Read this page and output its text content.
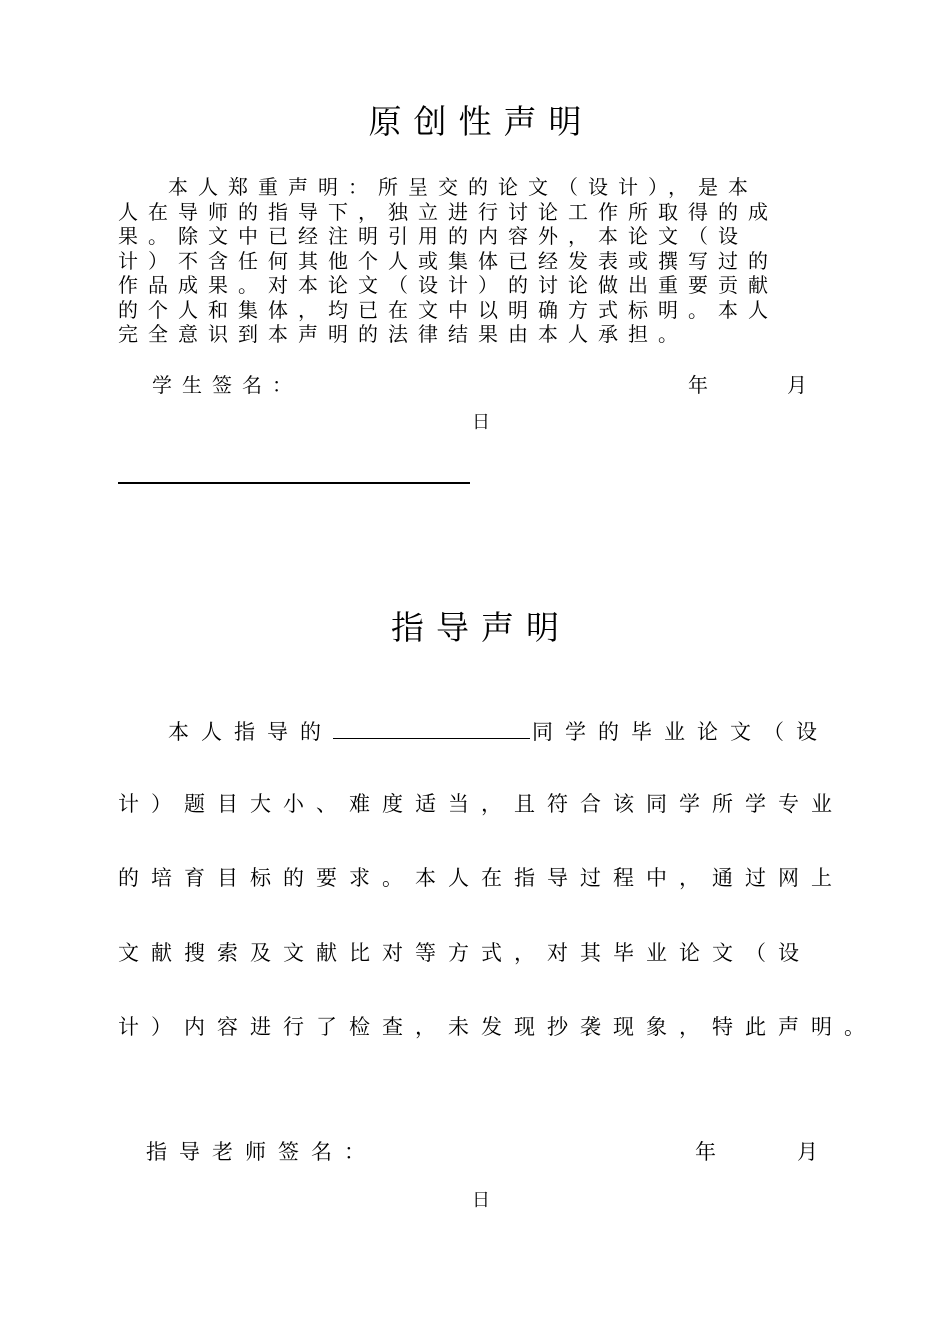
原创性声明
本人郑重声明：所呈交的论文（设计），是本
人在导师的指导下，独立进行讨论工作所取得的成
果。除文中已经注明引用的内容外，本论文（设
计）不含任何其他个人或集体已经发表或撰写过的
作品成果。对本论文（设计）的讨论做出重要贡献
的个人和集体，均已在文中以明确方式标明。本人
完全意识到本声明的法律结果由本人承担。
学生签名：	年	月
日
指导声明
本人指导的	同学的毕业论文（设
计）题目大小、难度适当，且符合该同学所学专业
的培育目标的要求。本人在指导过程中，通过网上
文献搜索及文献比对等方式，对其毕业论文（设
计）内容进行了检查，未发现抄袭现象，特此声明。
指导老师签名：	年	月
日
